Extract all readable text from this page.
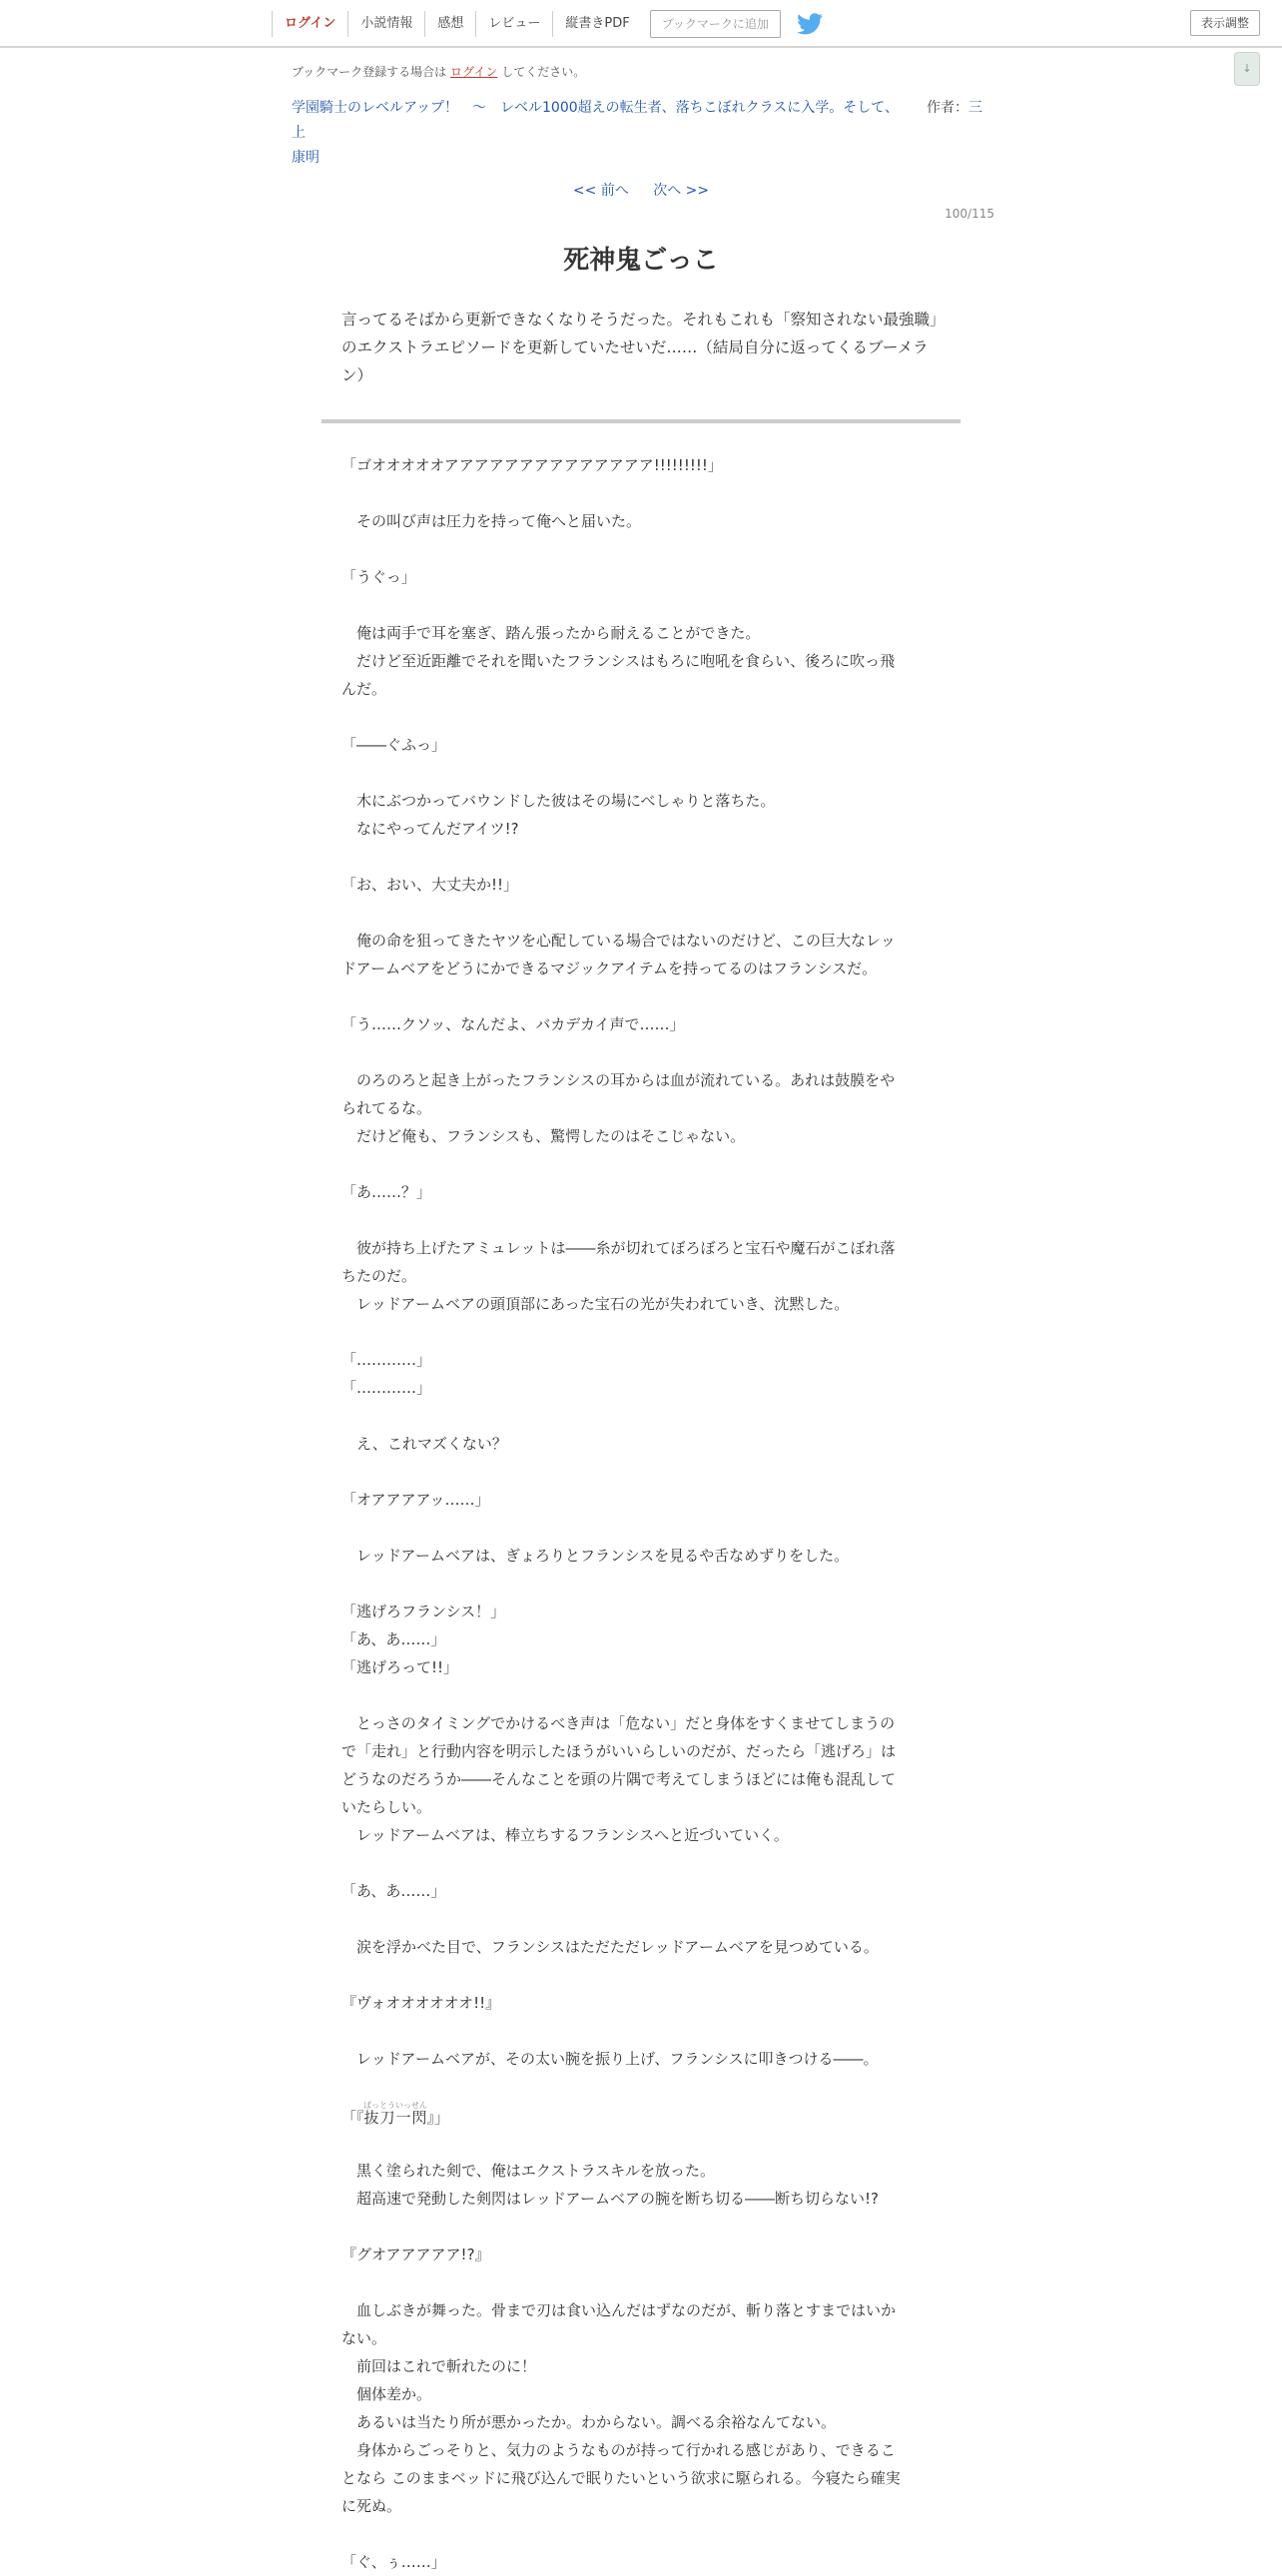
ログイン	小説情報	感想	レビュー	縦書きPDF	ブックマークに追加	表示調整
↓
ブックマーク登録する場合は ログイン してください。
学園騎士のレベルアップ！　〜　レベル1000超えの転生者、落ちこぼれクラスに入学。そして、 作者：三上
康明
<< 前へ 次へ >>
100/115
死神鬼ごっこ
言ってるそばから更新できなくなりそうだった。それもこれも「察知されない最強職」のエクストラエピソードを更新していたせいだ……（結局自分に返ってくるブーメラン）
「ゴオオオオオアアアアアアアアアアアアアア!!!!!!!!!」
　その叫び声は圧力を持って俺へと届いた。
「うぐっ」
　俺は両手で耳を塞ぎ、踏ん張ったから耐えることができた。
　だけど至近距離でそれを聞いたフランシスはもろに咆吼を食らい、後ろに吹っ飛
んだ。
「――ぐふっ」
　木にぶつかってバウンドした彼はその場にべしゃりと落ちた。
　なにやってんだアイツ!?
「お、おい、大丈夫か!!」
　俺の命を狙ってきたヤツを心配している場合ではないのだけど、この巨大なレッ
ドアームベアをどうにかできるマジックアイテムを持ってるのはフランシスだ。
「う……クソッ、なんだよ、バカデカイ声で……」
　のろのろと起き上がったフランシスの耳からは血が流れている。あれは鼓膜をや
られてるな。
　だけど俺も、フランシスも、驚愕したのはそこじゃない。
「あ……？」
　彼が持ち上げたアミュレットは――糸が切れてぼろぼろと宝石や魔石がこぼれ落
ちたのだ。
　レッドアームベアの頭頂部にあった宝石の光が失われていき、沈黙した。
「…………」
「…………」
　え、これマズくない？
「オアアアアッ……」
　レッドアームベアは、ぎょろりとフランシスを見るや舌なめずりをした。
「逃げろフランシス！」
「あ、あ……」
「逃げろって!!」
　とっさのタイミングでかけるべき声は「危ない」だと身体をすくませてしまうの
で「走れ」と行動内容を明示したほうがいいらしいのだが、だったら「逃げろ」は
どうなのだろうか――そんなことを頭の片隅で考えてしまうほどには俺も混乱して
いたらしい。
　レッドアームベアは、棒立ちするフランシスへと近づいていく。
「あ、あ……」
　涙を浮かべた目で、フランシスはただただレッドアームベアを見つめている。
『ヴォオオオオオオ!!』
　レッドアームベアが、その太い腕を振り上げ、フランシスに叩きつける――。
「『抜刀一閃ばっとういっせん』」
　黒く塗られた剣で、俺はエクストラスキルを放った。
　超高速で発動した剣閃はレッドアームベアの腕を断ち切る――断ち切らない!?
『グオアアアアア!?』
　血しぶきが舞った。骨まで刃は食い込んだはずなのだが、斬り落とすまではいか
ない。
　前回はこれで斬れたのに！
　個体差か。
　あるいは当たり所が悪かったか。わからない。調べる余裕なんてない。
　身体からごっそりと、気力のようなものが持って行かれる感じがあり、できるこ
となら このままベッドに飛び込んで眠りたいという欲求に駆られる。今寝たら確実
に死ぬ。
「ぐ、ぅ……」
